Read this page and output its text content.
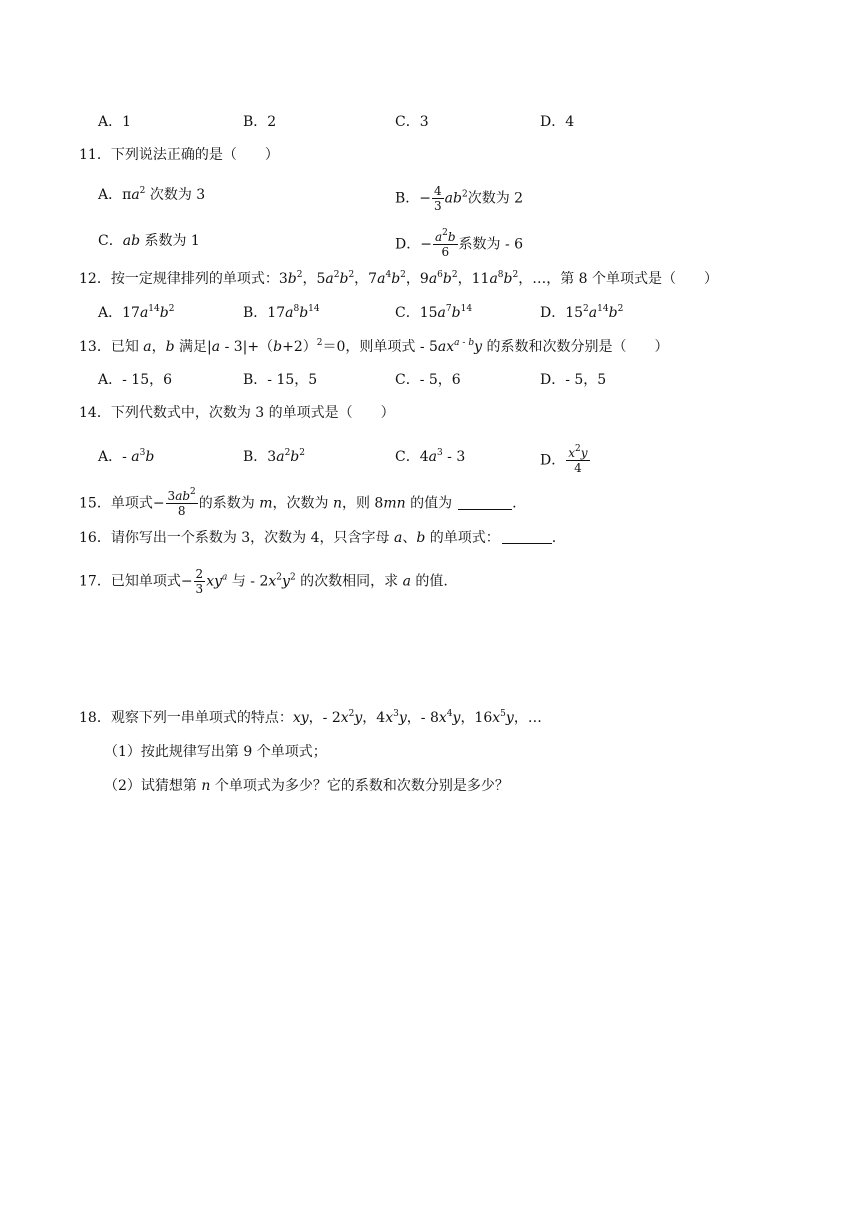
A．1	B．2	C．3	D．4
11．下列说法正确的是（　　）
A．$\pi a^2$ 次数为 3	B．− $\frac{4}{3} ab^2$次数为 2
C．ab 系数为 1	D．− $\frac{a^2b}{6}$ 系数为 - 6
12．按一定规律排列的单项式：$3b^2$，$5a^2b^2$，$7a^4b^2$，$9a^6b^2$，$11a^8b^2$，…，第 8 个单项式是（　　）
A．$17a^{14}b^2$	B．$17a^8b^{14}$	C．$15a^7b^{14}$	D．$15^2a^{14}b^2$
13．已知 a，b 满足$|a - 3|+(b+2)^2=0$，则单项式 - $5ax^{a - b}y$ 的系数和次数分别是（　　）
A．- 15，6	B．- 15，5	C．- 5，6	D．- 5，5
14．下列代数式中，次数为 3 的单项式是（　　）
A．- $a^3b$	B．$3a^2b^2$	C．$4a^3 - 3$	D． $\frac{x^2y}{4}$
15．单项式− $\frac{3ab^2}{8}$ 的系数为 m，次数为 n，则 8mn 的值为	.
16．请你写出一个系数为 3，次数为 4，只含字母 a、b 的单项式：	.
17．已知单项式− $\frac{2}{3} xy^a$ 与 - $2x^2y^2$ 的次数相同，求 a 的值.
18．观察下列一串单项式的特点：xy，- $2x^2y$，$4x^3y$，- $8x^4y$，$16x^5y$，…
（1）按此规律写出第 9 个单项式；
（2）试猜想第 n 个单项式为多少？它的系数和次数分别是多少？
